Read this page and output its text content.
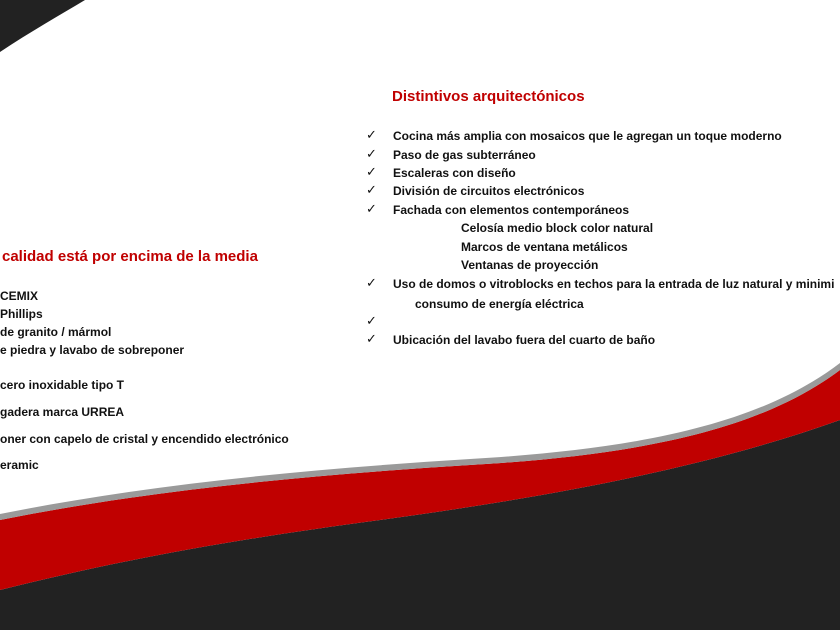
calidad está por encima de la media
CEMIX
Phillips
de granito / mármol
e piedra y lavabo de sobreponer
cero inoxidable tipo T
gadera marca URREA
oner con capelo de cristal y encendido electrónico
eramic
Distintivos arquitectónicos
✓ Cocina más amplia con mosaicos que le agregan un toque moderno
✓ Paso de gas subterráneo
✓ Escaleras con diseño
✓ División de circuitos electrónicos
✓ Fachada con elementos contemporáneos
Celosía medio block color natural
Marcos de ventana metálicos
Ventanas de proyección
✓ Uso de domos o vitroblocks en techos para la entrada de luz natural y minimi
consumo de energía eléctrica
✓
✓ Ubicación del lavabo fuera del cuarto de baño
